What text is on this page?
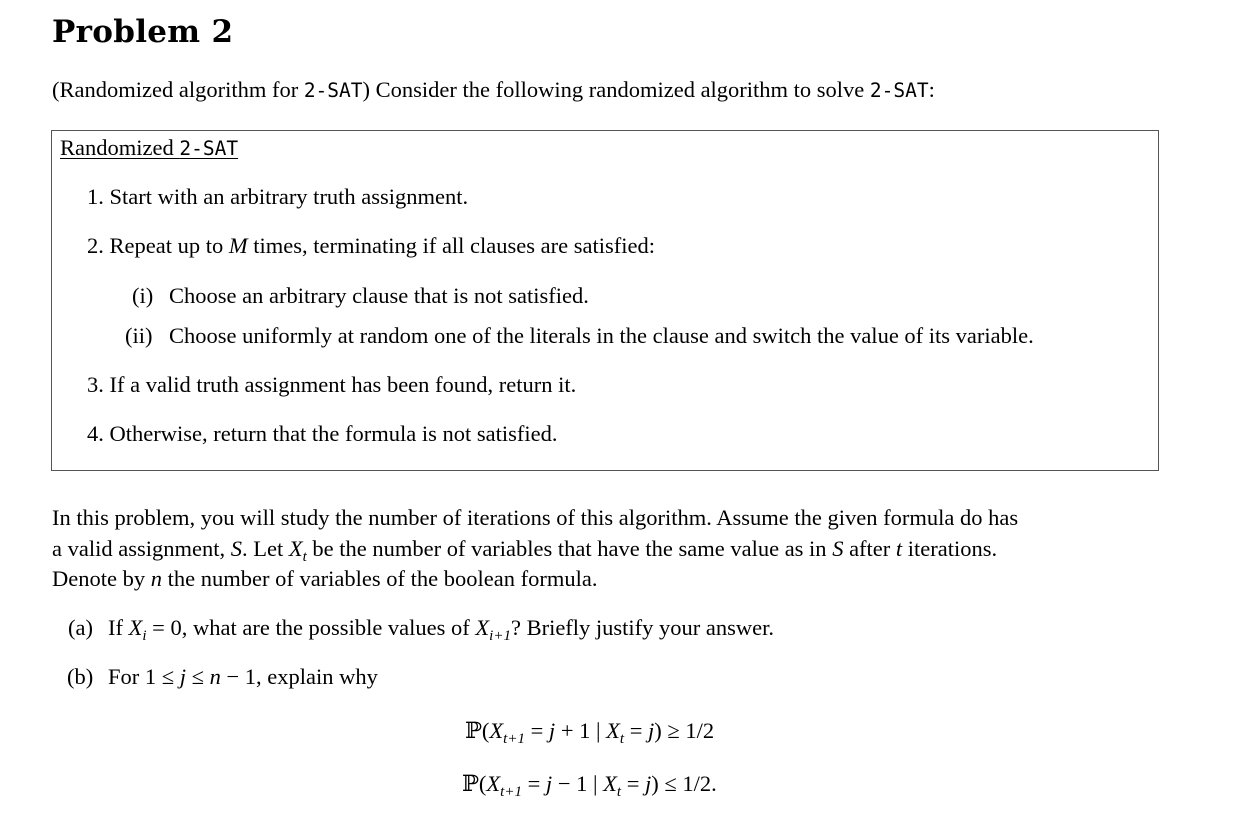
Problem 2
(Randomized algorithm for 2-SAT) Consider the following randomized algorithm to solve 2-SAT:
Randomized 2-SAT
1. Start with an arbitrary truth assignment.
2. Repeat up to M times, terminating if all clauses are satisfied:
(i) Choose an arbitrary clause that is not satisfied.
(ii) Choose uniformly at random one of the literals in the clause and switch the value of its variable.
3. If a valid truth assignment has been found, return it.
4. Otherwise, return that the formula is not satisfied.
In this problem, you will study the number of iterations of this algorithm. Assume the given formula do has
a valid assignment, S. Let $X_t$ be the number of variables that have the same value as in S after t iterations.
Denote by n the number of variables of the boolean formula.
(a) If $X_i = 0$, what are the possible values of $X_{i+1}$? Briefly justify your answer.
(b) For 1 ≤ j ≤ n − 1, explain why
$ℙ(X_{t+1} = j + 1$ | $X_t = j) \ge 1/2$
$ℙ(X_{t+1} = j - 1$ | $X_t = j) \le 1/2$.
